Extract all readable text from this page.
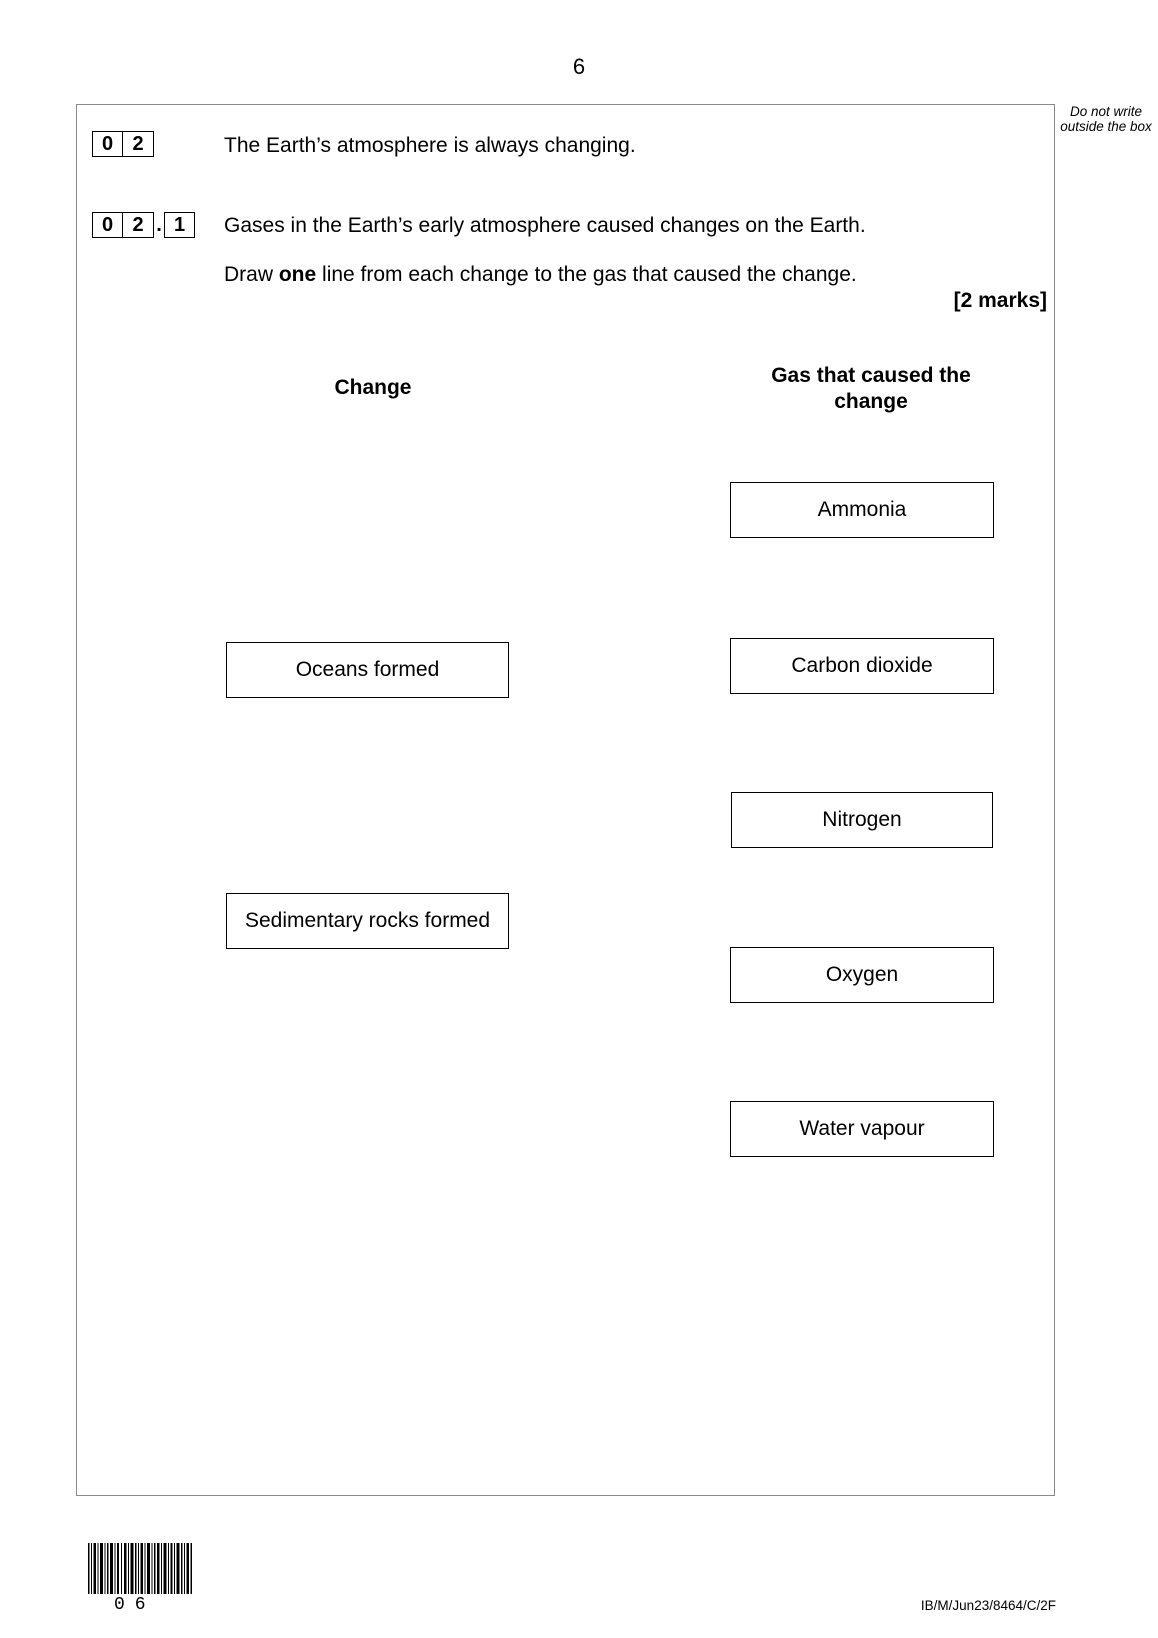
6
Do not write outside the box
0 2	The Earth’s atmosphere is always changing.
0 2 . 1	Gases in the Earth’s early atmosphere caused changes on the Earth.
Draw one line from each change to the gas that caused the change.
[2 marks]
Change
Gas that caused the change
Oceans formed
Sedimentary rocks formed
Ammonia
Carbon dioxide
Nitrogen
Oxygen
Water vapour
06	IB/M/Jun23/8464/C/2F
